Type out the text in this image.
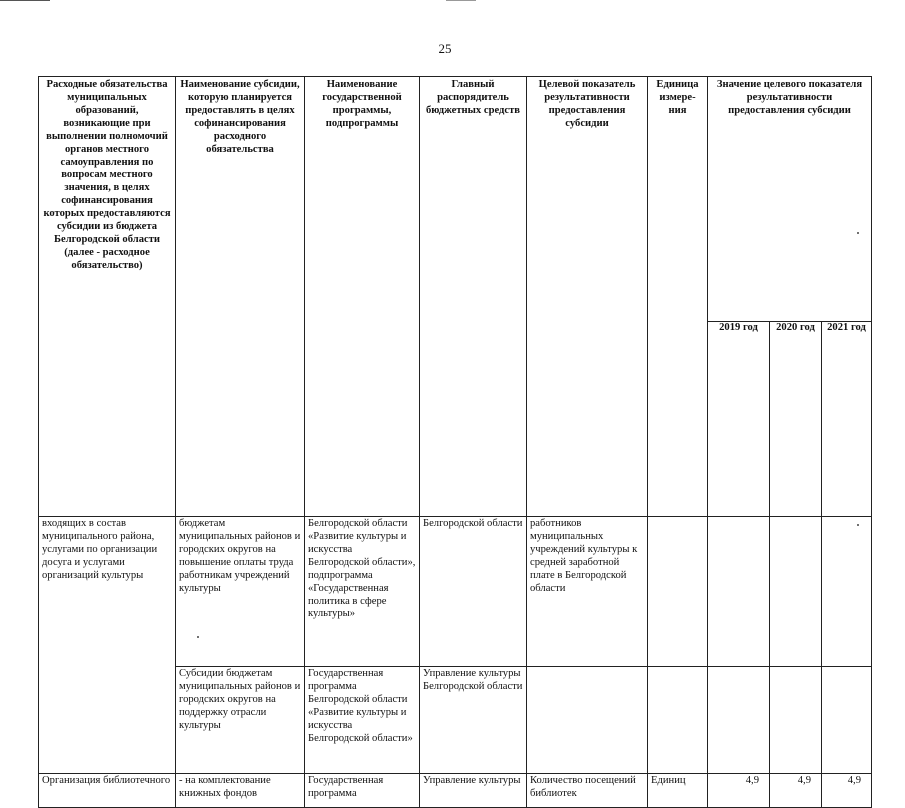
25
Расходные обязательства муниципальных образований, возникающие при выполнении полномочий органов местного самоуправления по вопросам местного значения, в целях софинансирования которых предоставляются субсидии из бюджета Белгородской области (далее - расходное обязательство)	Наименование субсидии, которую планируется предоставлять в целях софинансирования расходного обязательства	Наименование государственной программы, подпрограммы	Главный распорядитель бюджетных средств	Целевой показатель результативности предоставления субсидии	Единица измере-ния	Значение целевого показателя результативности предоставления субсидии		
						2019 год	2020 год	2021 год
входящих в состав муниципального района, услугами по организации досуга и услугами организаций культуры	бюджетам муниципальных районов и городских округов на повышение оплаты труда работникам учреждений культуры	Белгородской области «Развитие культуры и искусства Белгородской области», подпрограмма «Государственная политика в сфере культуры»	Белгородской области	работников муниципальных учреждений культуры к средней заработной плате в Белгородской области				
	Субсидии бюджетам муниципальных районов и городских округов на поддержку отрасли культуры	Государственная программа Белгородской области «Развитие культуры и искусства Белгородской области»	Управление культуры Белгородской области					
Организация библиотечного	- на комплектование книжных фондов	Государственная программа	Управление культуры	Количество посещений библиотек	Единиц	4,9	4,9	4,9
